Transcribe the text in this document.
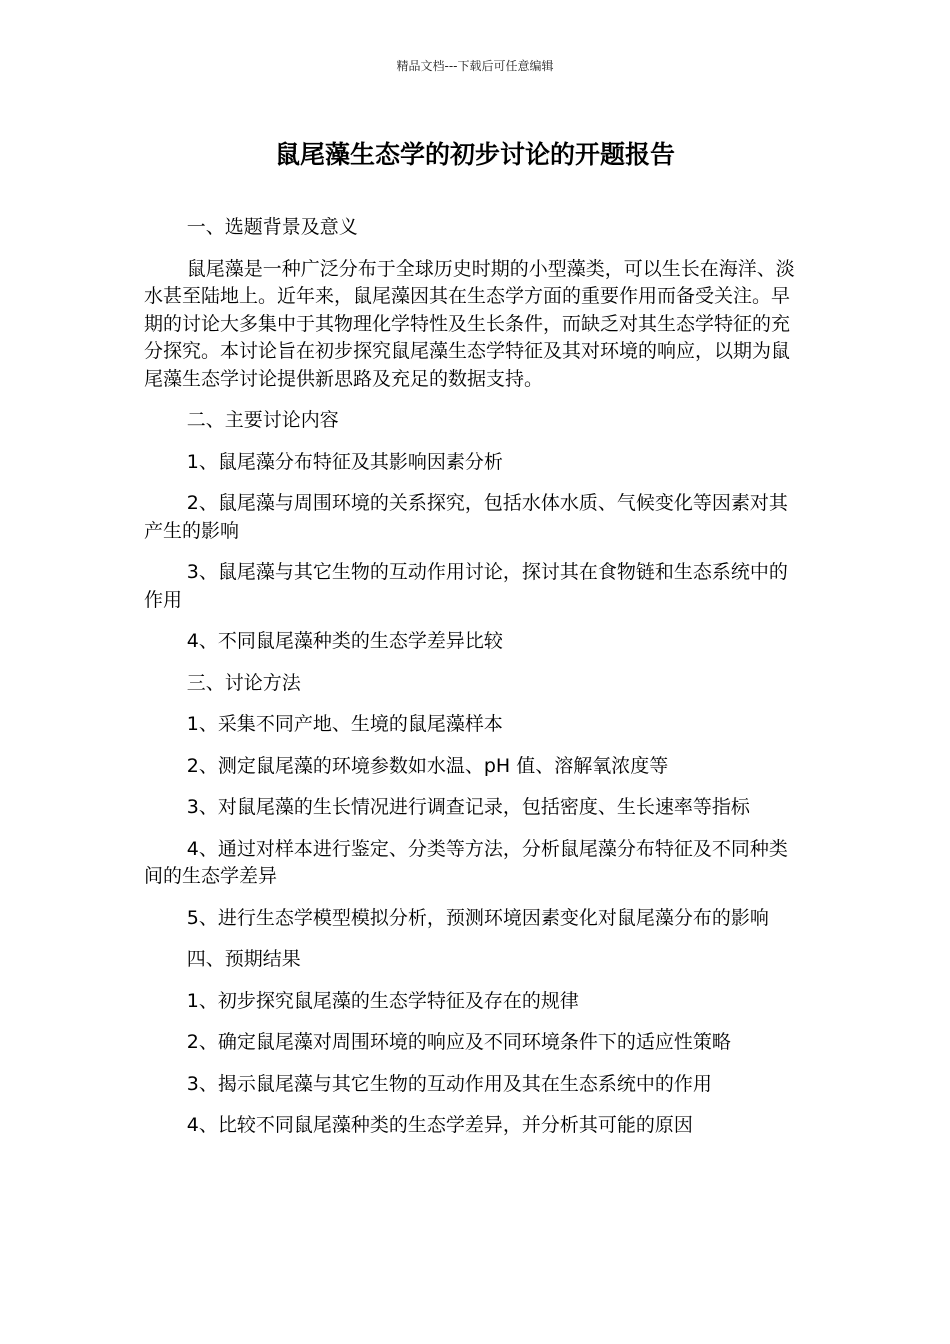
精品文档---下载后可任意编辑
鼠尾藻生态学的初步讨论的开题报告

一、选题背景及意义

鼠尾藻是一种广泛分布于全球历史时期的小型藻类，可以生长在海洋、淡水甚至陆地上。近年来，鼠尾藻因其在生态学方面的重要作用而备受关注。早期的讨论大多集中于其物理化学特性及生长条件，而缺乏对其生态学特征的充分探究。本讨论旨在初步探究鼠尾藻生态学特征及其对环境的响应，以期为鼠尾藻生态学讨论提供新思路及充足的数据支持。

二、主要讨论内容

1、鼠尾藻分布特征及其影响因素分析

2、鼠尾藻与周围环境的关系探究，包括水体水质、气候变化等因素对其产生的影响

3、鼠尾藻与其它生物的互动作用讨论，探讨其在食物链和生态系统中的作用

4、不同鼠尾藻种类的生态学差异比较

三、讨论方法

1、采集不同产地、生境的鼠尾藻样本

2、测定鼠尾藻的环境参数如水温、pH 值、溶解氧浓度等

3、对鼠尾藻的生长情况进行调查记录，包括密度、生长速率等指标

4、通过对样本进行鉴定、分类等方法，分析鼠尾藻分布特征及不同种类间的生态学差异

5、进行生态学模型模拟分析，预测环境因素变化对鼠尾藻分布的影响

四、预期结果

1、初步探究鼠尾藻的生态学特征及存在的规律

2、确定鼠尾藻对周围环境的响应及不同环境条件下的适应性策略

3、揭示鼠尾藻与其它生物的互动作用及其在生态系统中的作用

4、比较不同鼠尾藻种类的生态学差异，并分析其可能的原因
